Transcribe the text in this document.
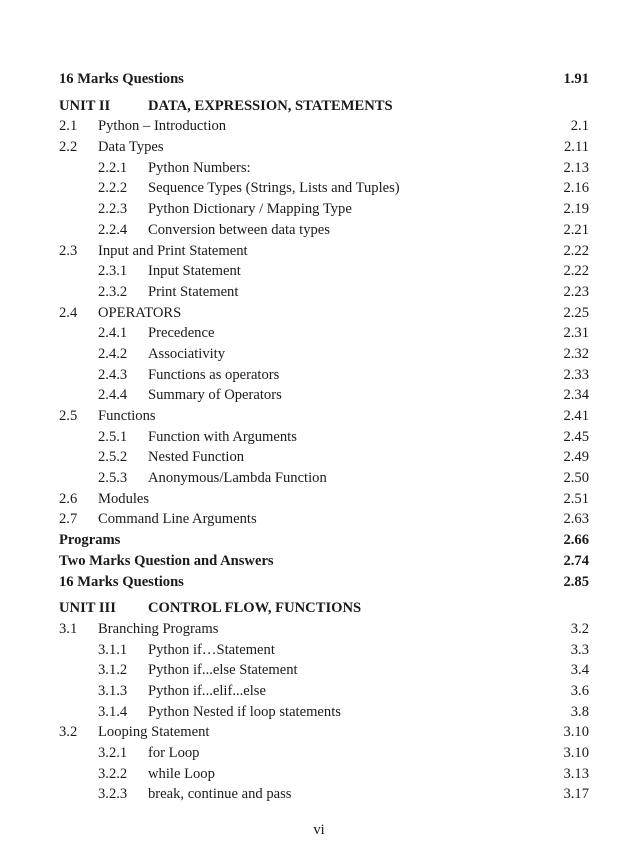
16 Marks Questions	1.91
UNIT II	DATA, EXPRESSION, STATEMENTS
2.1 Python – Introduction	2.1
2.2 Data Types	2.11
2.2.1 Python Numbers:	2.13
2.2.2 Sequence Types (Strings, Lists and Tuples)	2.16
2.2.3 Python Dictionary / Mapping Type	2.19
2.2.4 Conversion between data types	2.21
2.3 Input and Print Statement	2.22
2.3.1 Input Statement	2.22
2.3.2 Print Statement	2.23
2.4 OPERATORS	2.25
2.4.1 Precedence	2.31
2.4.2 Associativity	2.32
2.4.3 Functions as operators	2.33
2.4.4 Summary of Operators	2.34
2.5 Functions	2.41
2.5.1 Function with Arguments	2.45
2.5.2 Nested Function	2.49
2.5.3 Anonymous/Lambda Function	2.50
2.6 Modules	2.51
2.7 Command Line Arguments	2.63
Programs	2.66
Two Marks Question and Answers	2.74
16 Marks Questions	2.85
UNIT III CONTROL FLOW, FUNCTIONS
3.1 Branching Programs	3.2
3.1.1 Python if…Statement	3.3
3.1.2 Python if...else Statement	3.4
3.1.3 Python if...elif...else	3.6
3.1.4 Python Nested if loop statements	3.8
3.2 Looping Statement	3.10
3.2.1 for Loop	3.10
3.2.2 while Loop	3.13
3.2.3 break, continue and pass	3.17
vi
